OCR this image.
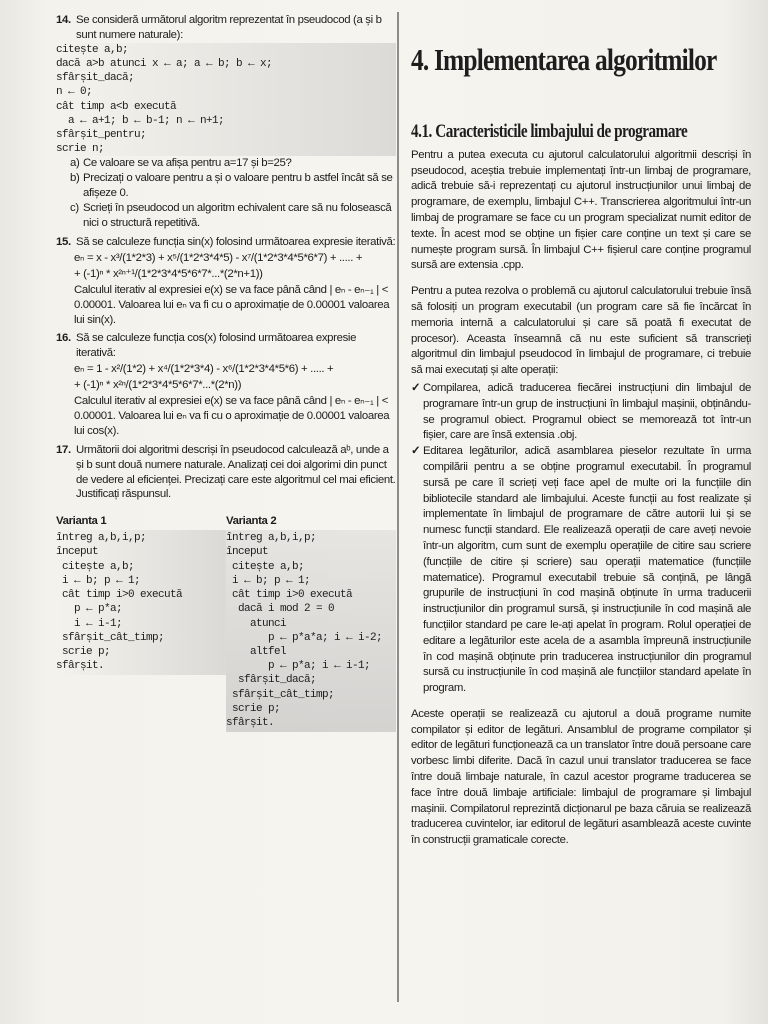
14. Se consideră următorul algoritm reprezentat în pseudocod (a și b sunt numere naturale):

citește a,b;

dacă a>b atunci x ← a; a ← b; b ← x;

sfârșit_dacă;

n ← 0;

cât timp a<b execută

a ← a+1; b ← b-1; n ← n+1;

sfârșit_pentru;

scrie n;

a) Ce valoare se va afișa pentru a=17 și b=25?
b) Precizați o valoare pentru a și o valoare pentru b astfel încât să se afișeze 0.
c) Scrieți în pseudocod un algoritm echivalent care să nu folosească nici o structură repetitivă.
15. Să se calculeze funcția sin(x) folosind următoarea expresie iterativă:
eₙ = x - x³/(1*2*3) + x⁵/(1*2*3*4*5) - x⁷/(1*2*3*4*5*6*7) + ..... +
+ (-1)ⁿ * x²ⁿ⁺¹/(1*2*3*4*5*6*7*...*(2*n+1))
Calculul iterativ al expresiei e(x) se va face până când | eₙ - eₙ₋₁ | < 0.00001. Valoarea lui eₙ va fi cu o aproximație de 0.00001 valoarea lui sin(x).
16. Să se calculeze funcția cos(x) folosind următoarea expresie iterativă:
eₙ = 1 - x²/(1*2) + x⁴/(1*2*3*4) - x⁶/(1*2*3*4*5*6) + ..... +
+ (-1)ⁿ * x²ⁿ/(1*2*3*4*5*6*7*...*(2*n))
Calculul iterativ al expresiei e(x) se va face până când | eₙ - eₙ₋₁ | < 0.00001. Valoarea lui eₙ va fi cu o aproximație de 0.00001 valoarea lui cos(x).
17. Următorii doi algoritmi descriși în pseudocod calculează aᵇ, unde a și b sunt două numere naturale. Analizați cei doi algorimi din punct de vedere al eficienței. Precizați care este algoritmul cel mai eficient. Justificați răspunsul.
Varianta 1

întreg a,b,i,p;

început

citește a,b;

i ← b; p ← 1;

cât timp i>0 execută

p ← p*a;

i ← i-1;

sfârșit_cât_timp;

scrie p;

sfârșit.

Varianta 2

întreg a,b,i,p;

început

citește a,b;

i ← b; p ← 1;

cât timp i>0 execută

dacă i mod 2 = 0

atunci

p ← p*a*a; i ← i-2;

altfel

p ← p*a; i ← i-1;

sfârșit_dacă;

sfârșit_cât_timp;

scrie p;

sfârșit.

4. Implementarea algoritmilor
4.1. Caracteristicile limbajului de programare

Pentru a putea executa cu ajutorul calculatorului algoritmii descriși în pseudocod, aceștia trebuie implementați într-un limbaj de programare, adică trebuie să-i reprezentați cu ajutorul instrucțiunilor unui limbaj de programare, de exemplu, limbajul C++. Transcrierea algoritmului într-un limbaj de programare se face cu un program specializat numit editor de texte. În acest mod se obține un fișier care conține un text și care se numește program sursă. În limbajul C++ fișierul care conține programul sursă are extensia .cpp.

Pentru a putea rezolva o problemă cu ajutorul calculatorului trebuie însă să folosiți un program executabil (un program care să fie încărcat în memoria internă a calculatorului și care să poată fi executat de procesor). Aceasta înseamnă că nu este suficient să transcrieți algoritmul din limbajul pseudocod în limbajul de programare, ci trebuie să mai executați și alte operații:

✓ Compilarea, adică traducerea fiecărei instrucțiuni din limbajul de programare într-un grup de instrucțiuni în limbajul mașinii, obținându-se programul obiect. Programul obiect se memorează tot într-un fișier, care are însă extensia .obj.
✓ Editarea legăturilor, adică asamblarea pieselor rezultate în urma compilării pentru a se obține programul executabil. În programul sursă pe care îl scrieți veți face apel de multe ori la funcțiile din bibliotecile standard ale limbajului. Aceste funcții au fost realizate și implementate în limbajul de programare de către autorii lui și se numesc funcții standard. Ele realizează operații de care aveți nevoie într-un algoritm, cum sunt de exemplu operațiile de citire sau scriere (funcțiile de citire și scriere) sau operații matematice (funcțiile matematice). Programul executabil trebuie să conțină, pe lângă grupurile de instrucțiuni în cod mașină obținute în urma traducerii instrucțiunilor din programul sursă, și instrucțiunile în cod mașină ale funcțiilor standard pe care le-ați apelat în program. Rolul operației de editare a legăturilor este acela de a asambla împreună instrucțiunile în cod mașină obținute prin traducerea instrucțiunilor din programul sursă cu instrucțiunile în cod mașină ale funcțiilor standard apelate în program.

Aceste operații se realizează cu ajutorul a două programe numite compilator și editor de legături. Ansamblul de programe compilator și editor de legături funcționează ca un translator între două persoane care vorbesc limbi diferite. Dacă în cazul unui translator traducerea se face între două limbaje naturale, în cazul acestor programe traducerea se face între două limbaje artificiale: limbajul de programare și limbajul mașinii. Compilatorul reprezintă dicționarul pe baza căruia se realizează traducerea cuvintelor, iar editorul de legături asamblează aceste cuvinte în construcții gramaticale corecte.
